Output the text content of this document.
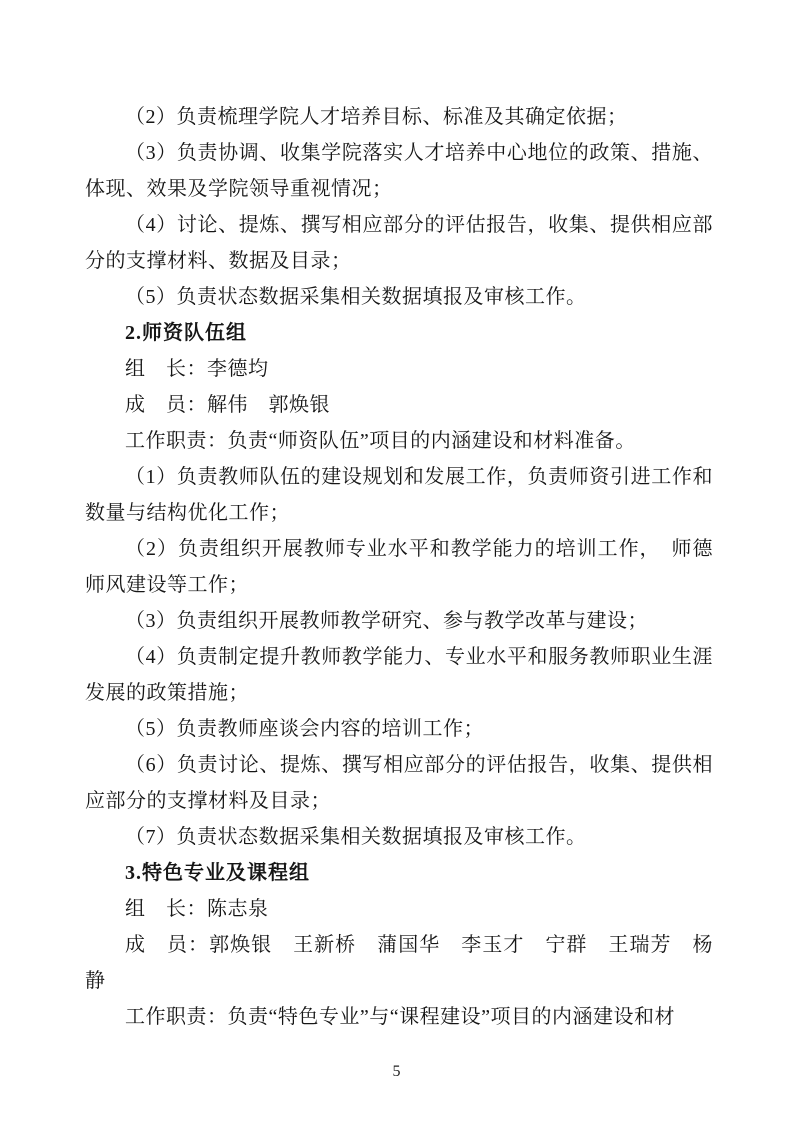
（2）负责梳理学院人才培养目标、标准及其确定依据；

（3）负责协调、收集学院落实人才培养中心地位的政策、措施、体现、效果及学院领导重视情况；

（4）讨论、提炼、撰写相应部分的评估报告，收集、提供相应部分的支撑材料、数据及目录；

（5）负责状态数据采集相关数据填报及审核工作。

2.师资队伍组

组　长：李德均

成　员：解伟　郭焕银

工作职责：负责“师资队伍”项目的内涵建设和材料准备。

（1）负责教师队伍的建设规划和发展工作，负责师资引进工作和数量与结构优化工作；

（2）负责组织开展教师专业水平和教学能力的培训工作，　师德师风建设等工作；

（3）负责组织开展教师教学研究、参与教学改革与建设；

（4）负责制定提升教师教学能力、专业水平和服务教师职业生涯发展的政策措施；

（5）负责教师座谈会内容的培训工作；

（6）负责讨论、提炼、撰写相应部分的评估报告，收集、提供相应部分的支撑材料及目录；

（7）负责状态数据采集相关数据填报及审核工作。

3.特色专业及课程组

组　长：陈志泉

成　员：郭焕银　王新桥　蒲国华　李玉才　宁群　王瑞芳　杨静

工作职责：负责“特色专业”与“课程建设”项目的内涵建设和材

5
